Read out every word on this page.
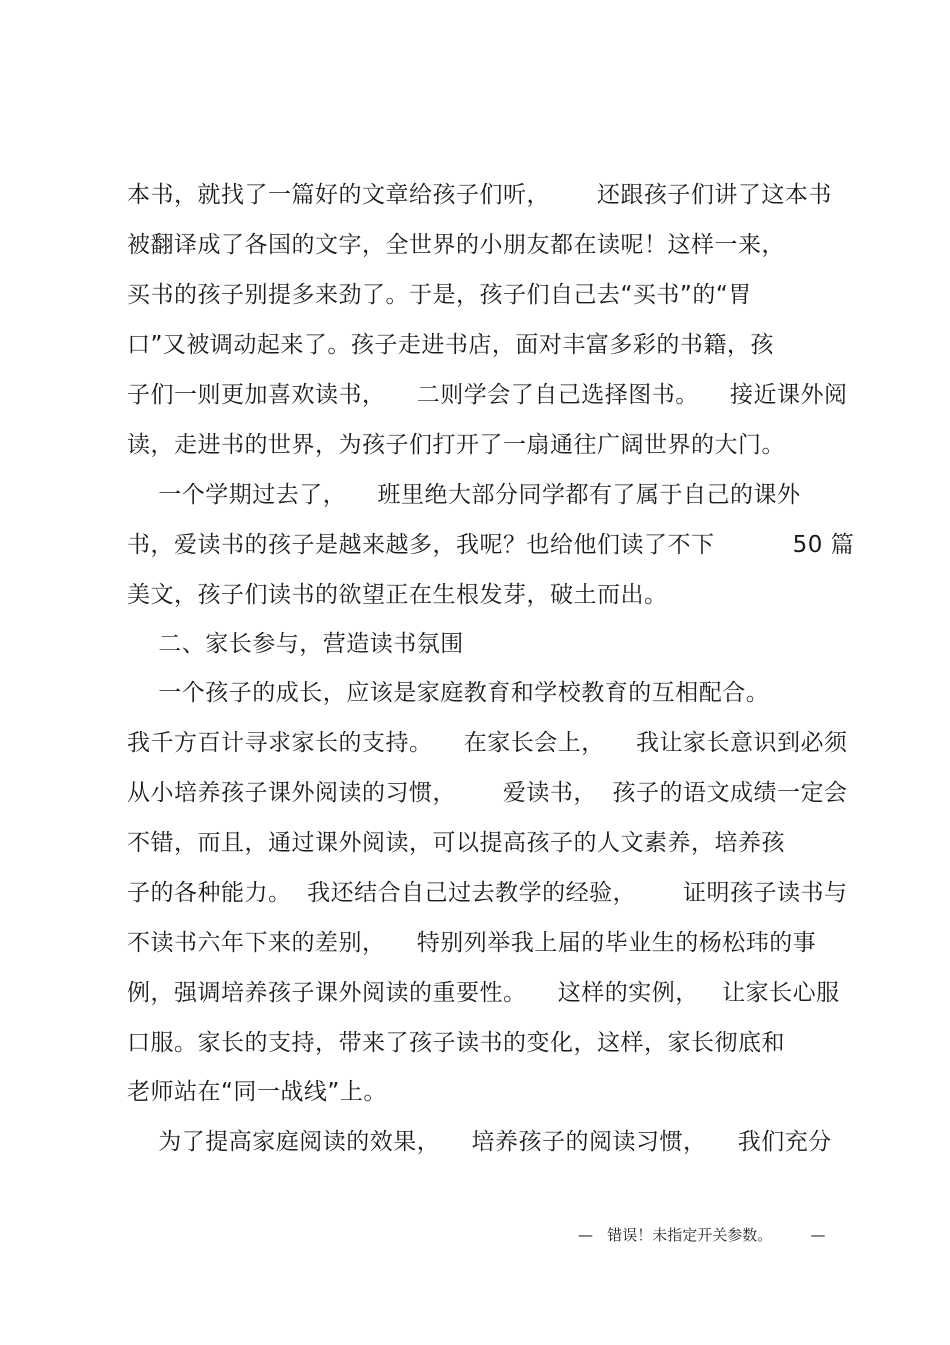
本书，就找了一篇好的文章给孩子们听，      还跟孩子们讲了这本书
被翻译成了各国的文字，全世界的小朋友都在读呢！这样一来，
买书的孩子别提多来劲了。于是，孩子们自己去“买书”的“胃
口”又被调动起来了。孩子走进书店，面对丰富多彩的书籍，孩
子们一则更加喜欢读书，    二则学会了自己选择图书。    接近课外阅
读，走进书的世界，为孩子们打开了一扇通往广阔世界的大门。
一个学期过去了，    班里绝大部分同学都有了属于自己的课外
书，爱读书的孩子是越来越多，我呢？也给他们读了不下          50 篇
美文，孩子们读书的欲望正在生根发芽，破土而出。
二、家长参与，营造读书氛围
一个孩子的成长，应该是家庭教育和学校教育的互相配合。
我千方百计寻求家长的支持。    在家长会上，    我让家长意识到必须
从小培养孩子课外阅读的习惯，      爱读书，  孩子的语文成绩一定会
不错，而且，通过课外阅读，可以提高孩子的人文素养，培养孩
子的各种能力。  我还结合自己过去教学的经验，      证明孩子读书与
不读书六年下来的差别，    特别列举我上届的毕业生的杨松玮的事
例，强调培养孩子课外阅读的重要性。    这样的实例，   让家长心服
口服。家长的支持，带来了孩子读书的变化，这样，家长彻底和
老师站在“同一战线”上。
为了提高家庭阅读的效果，    培养孩子的阅读习惯，    我们充分
—   错误！未指定开关参数。        —
